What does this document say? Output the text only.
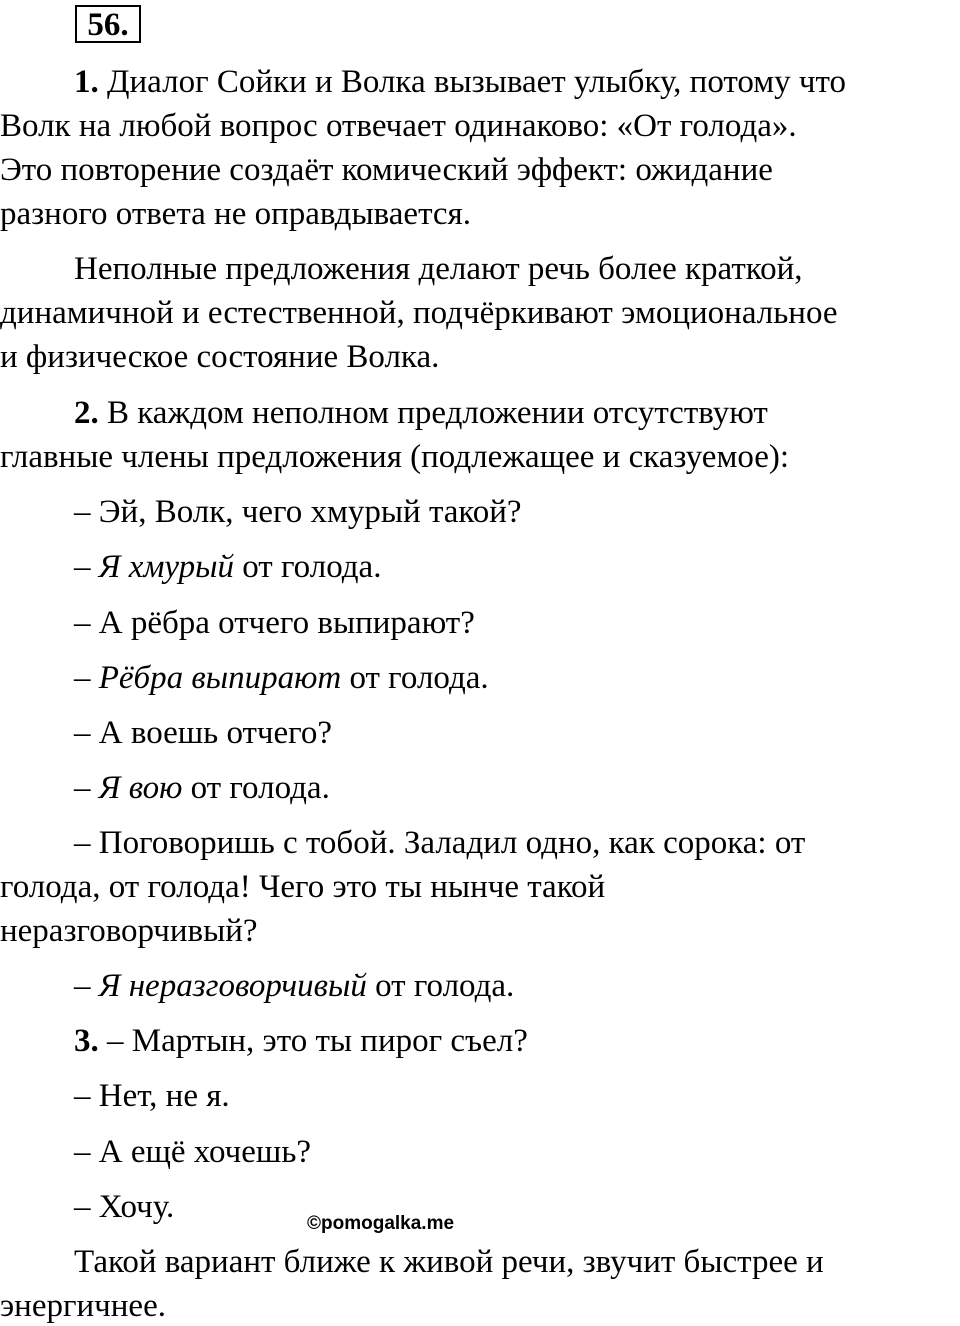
56.
1. Диалог Сойки и Волка вызывает улыбку, потому что
Волк на любой вопрос отвечает одинаково: «От голода».
Это повторение создаёт комический эффект: ожидание
разного ответа не оправдывается.
Неполные предложения делают речь более краткой,
динамичной и естественной, подчёркивают эмоциональное
и физическое состояние Волка.
2. В каждом неполном предложении отсутствуют
главные члены предложения (подлежащее и сказуемое):
– Эй, Волк, чего хмурый такой?
– Я хмурый от голода.
– А рёбра отчего выпирают?
– Рёбра выпирают от голода.
– А воешь отчего?
– Я вою от голода.
– Поговоришь с тобой. Заладил одно, как сорока: от
голода, от голода! Чего это ты нынче такой
неразговорчивый?
– Я неразговорчивый от голода.
3. – Мартын, это ты пирог съел?
– Нет, не я.
– А ещё хочешь?
– Хочу.	©pomogalka.me
Такой вариант ближе к живой речи, звучит быстрее и
энергичнее.
